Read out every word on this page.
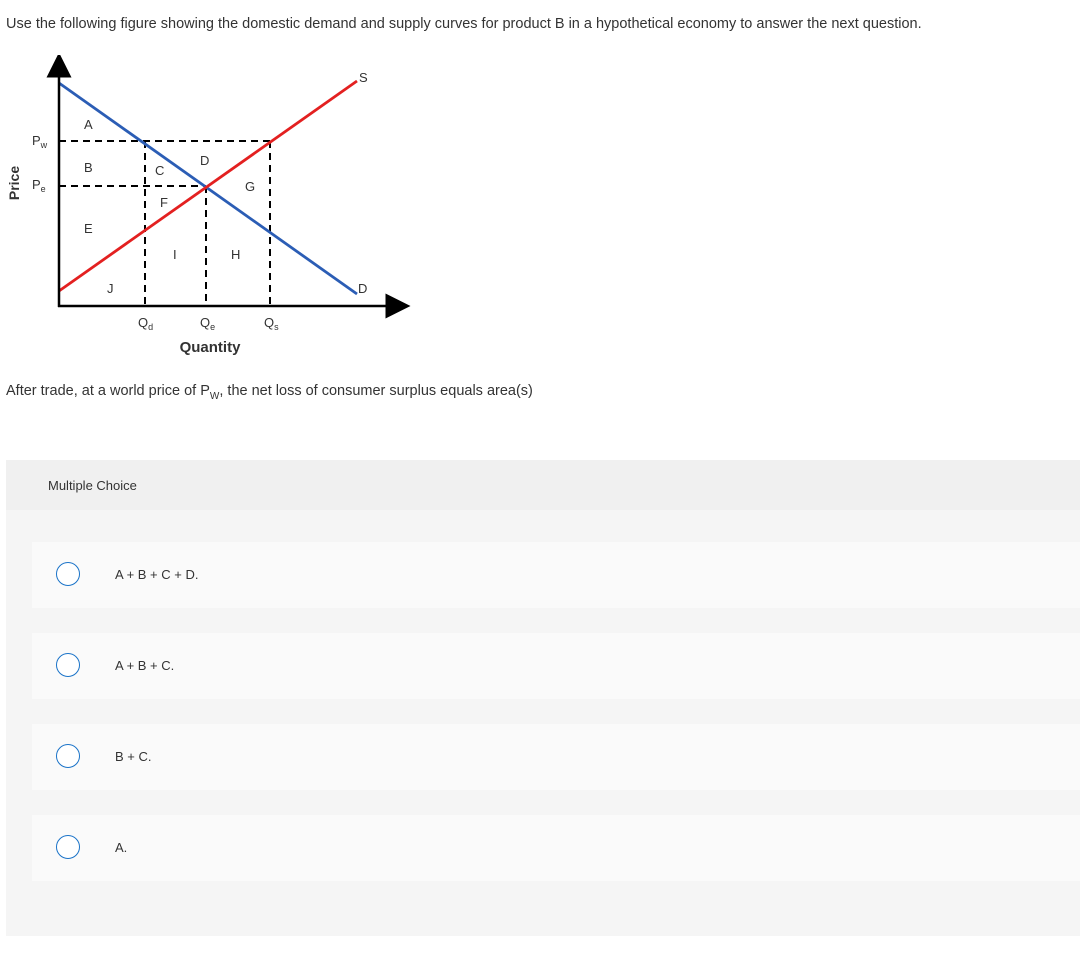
Use the following figure showing the domestic demand and supply curves for product B in a hypothetical economy to answer the next question.
Price
Quantity
$P_w$
$P_e$
$Q_d$	$Q_e$	$Q_s$
S
D
A
B	C
D
E
F
G
H
I
J
After trade, at a world price of $P_W$, the net loss of consumer surplus equals area(s)
Multiple Choice
A + B + C + D.
A + B + C.
B + C.
A.
